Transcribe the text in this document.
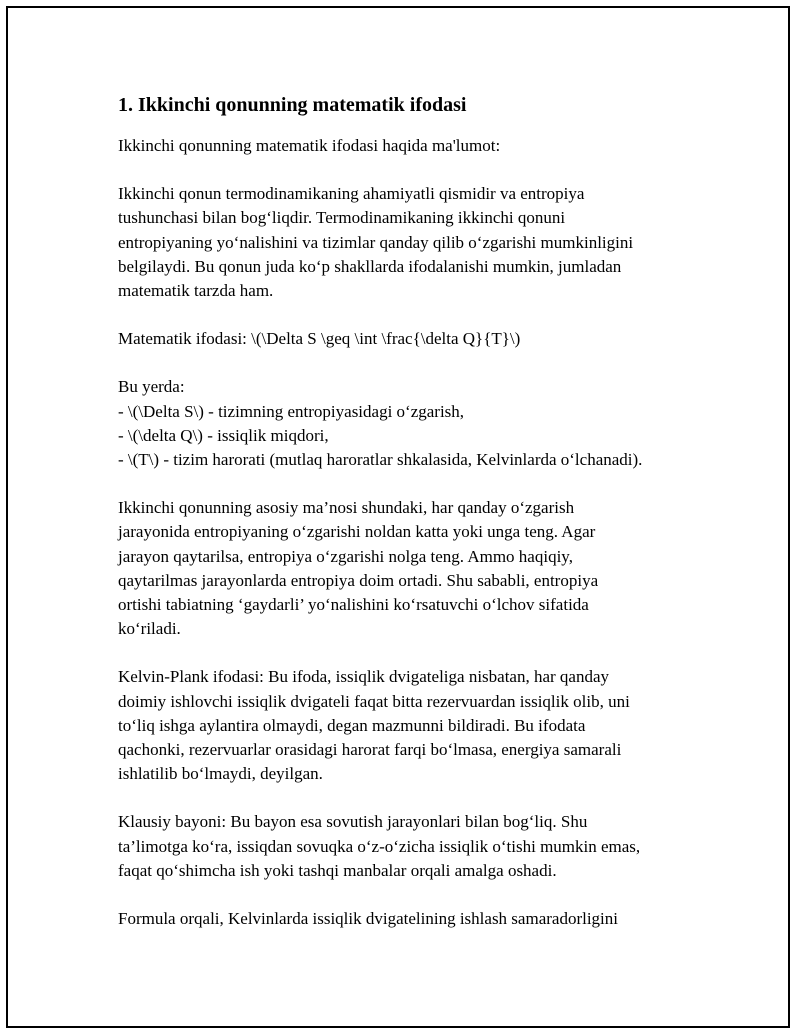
1. Ikkinchi qonunning matematik ifodasi

Ikkinchi qonunning matematik ifodasi haqida ma'lumot:

Ikkinchi qonun termodinamikaning ahamiyatli qismidir va entropiya
tushunchasi bilan bog‘liqdir. Termodinamikaning ikkinchi qonuni
entropiyaning yo‘nalishini va tizimlar qanday qilib o‘zgarishi mumkinligini
belgilaydi. Bu qonun juda ko‘p shakllarda ifodalanishi mumkin, jumladan
matematik tarzda ham.

Matematik ifodasi: \(\Delta S \geq \int \frac{\delta Q}{T}\)

Bu yerda:
- \(\Delta S\) - tizimning entropiyasidagi o‘zgarish,
- \(\delta Q\) - issiqlik miqdori,
- \(T\) - tizim harorati (mutlaq haroratlar shkalasida, Kelvinlarda o‘lchanadi).

Ikkinchi qonunning asosiy ma’nosi shundaki, har qanday o‘zgarish
jarayonida entropiyaning o‘zgarishi noldan katta yoki unga teng. Agar
jarayon qaytarilsa, entropiya o‘zgarishi nolga teng. Ammo haqiqiy,
qaytarilmas jarayonlarda entropiya doim ortadi. Shu sababli, entropiya
ortishi tabiatning ‘gaydarli’ yo‘nalishini ko‘rsatuvchi o‘lchov sifatida
ko‘riladi.

Kelvin-Plank ifodasi: Bu ifoda, issiqlik dvigateliga nisbatan, har qanday
doimiy ishlovchi issiqlik dvigateli faqat bitta rezervuardan issiqlik olib, uni
to‘liq ishga aylantira olmaydi, degan mazmunni bildiradi. Bu ifodata
qachonki, rezervuarlar orasidagi harorat farqi bo‘lmasa, energiya samarali
ishlatilib bo‘lmaydi, deyilgan.

Klausiy bayoni: Bu bayon esa sovutish jarayonlari bilan bog‘liq. Shu
ta’limotga ko‘ra, issiqdan sovuqka o‘z-o‘zicha issiqlik o‘tishi mumkin emas,
faqat qo‘shimcha ish yoki tashqi manbalar orqali amalga oshadi.

Formula orqali, Kelvinlarda issiqlik dvigatelining ishlash samaradorligini
